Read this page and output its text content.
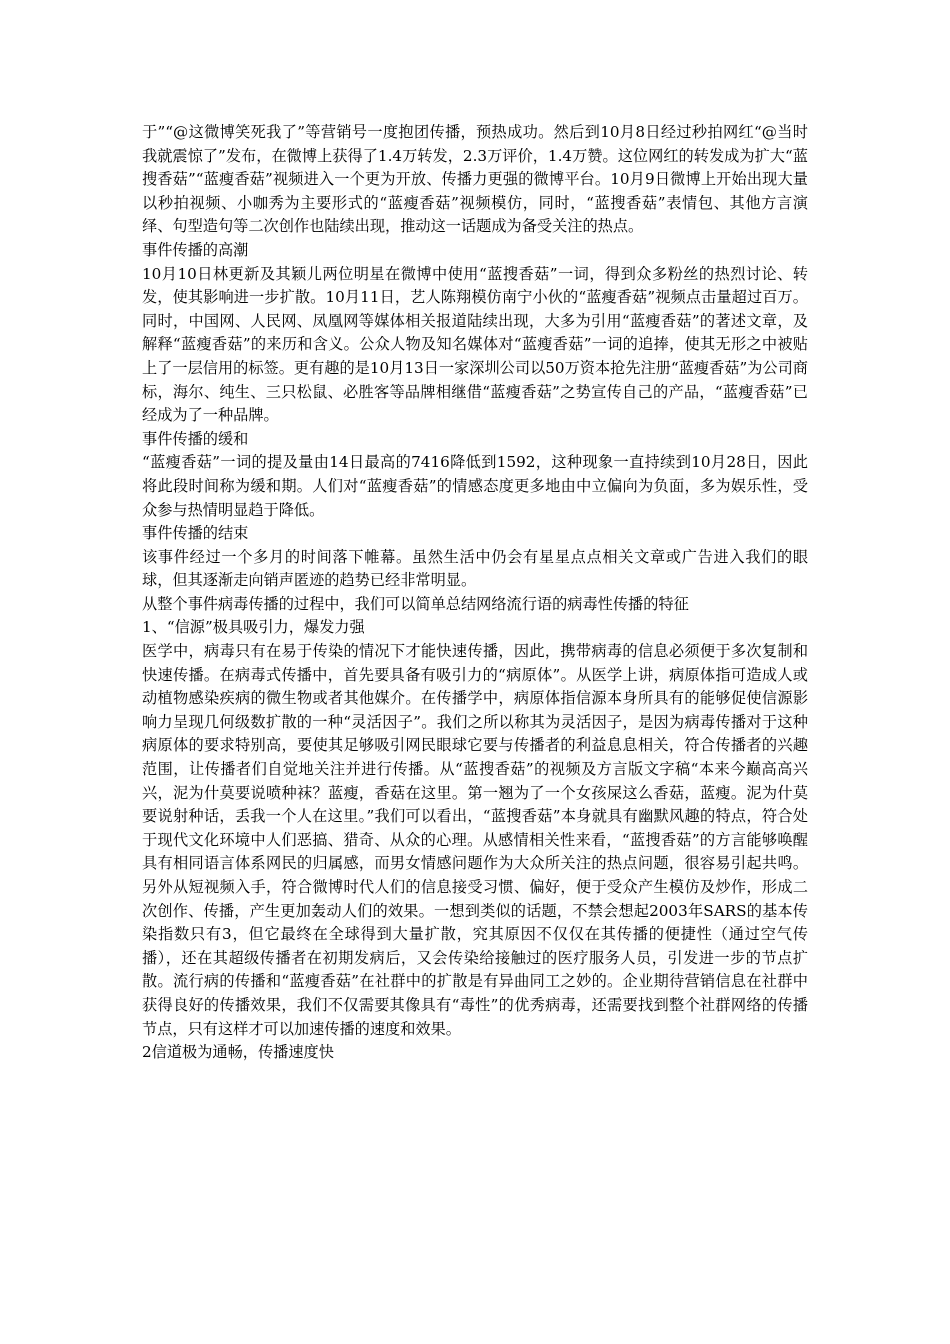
于”“@这微博笑死我了”等营销号一度抱团传播，预热成功。然后到10月8日经过秒拍网红“@当时我就震惊了”发布，在微博上获得了1.4万转发，2.3万评价，1.4万赞。这位网红的转发成为扩大“蓝搜香菇”“蓝瘦香菇”视频进入一个更为开放、传播力更强的微博平台。10月9日微博上开始出现大量以秒拍视频、小咖秀为主要形式的“蓝瘦香菇”视频模仿，同时，“蓝搜香菇”表情包、其他方言演绎、句型造句等二次创作也陆续出现，推动这一话题成为备受关注的热点。

事件传播的高潮

10月10日林更新及其颖儿两位明星在微博中使用“蓝搜香菇”一词，得到众多粉丝的热烈讨论、转发，使其影响进一步扩散。10月11日，艺人陈翔模仿南宁小伙的“蓝瘦香菇”视频点击量超过百万。同时，中国网、人民网、凤凰网等媒体相关报道陆续出现，大多为引用“蓝瘦香菇”的著述文章，及解释“蓝瘦香菇”的来历和含义。公众人物及知名媒体对“蓝瘦香菇”一词的追捧，使其无形之中被贴上了一层信用的标签。更有趣的是10月13日一家深圳公司以50万资本抢先注册“蓝瘦香菇”为公司商标，海尔、纯生、三只松鼠、必胜客等品牌相继借“蓝瘦香菇”之势宣传自己的产品，“蓝瘦香菇”已经成为了一种品牌。

事件传播的缓和

“蓝瘦香菇”一词的提及量由14日最高的7416降低到1592，这种现象一直持续到10月28日，因此将此段时间称为缓和期。人们对“蓝瘦香菇”的情感态度更多地由中立偏向为负面，多为娱乐性，受众参与热情明显趋于降低。

事件传播的结束

该事件经过一个多月的时间落下帷幕。虽然生活中仍会有星星点点相关文章或广告进入我们的眼球，但其逐渐走向销声匿迹的趋势已经非常明显。

从整个事件病毒传播的过程中，我们可以简单总结网络流行语的病毒性传播的特征

1、“信源”极具吸引力，爆发力强

医学中，病毒只有在易于传染的情况下才能快速传播，因此，携带病毒的信息必须便于多次复制和快速传播。在病毒式传播中，首先要具备有吸引力的“病原体”。从医学上讲，病原体指可造成人或动植物感染疾病的微生物或者其他媒介。在传播学中，病原体指信源本身所具有的能够促使信源影响力呈现几何级数扩散的一种“灵活因子”。我们之所以称其为灵活因子，是因为病毒传播对于这种病原体的要求特别高，要使其足够吸引网民眼球它要与传播者的利益息息相关，符合传播者的兴趣范围，让传播者们自觉地关注并进行传播。从“蓝搜香菇”的视频及方言版文字稿“本来今巅高高兴兴，泥为什莫要说喷种袜？蓝瘦，香菇在这里。第一翘为了一个女孩屎这么香菇，蓝瘦。泥为什莫要说射种话，丢我一个人在这里。”我们可以看出，“蓝搜香菇”本身就具有幽默风趣的特点，符合处于现代文化环境中人们恶搞、猎奇、从众的心理。从感情相关性来看，“蓝搜香菇”的方言能够唤醒具有相同语言体系网民的归属感，而男女情感问题作为大众所关注的热点问题，很容易引起共鸣。另外从短视频入手，符合微博时代人们的信息接受习惯、偏好，便于受众产生模仿及炒作，形成二次创作、传播，产生更加轰动人们的效果。一想到类似的话题，不禁会想起2003年SARS的基本传染指数只有3，但它最终在全球得到大量扩散，究其原因不仅仅在其传播的便捷性（通过空气传播），还在其超级传播者在初期发病后，又会传染给接触过的医疗服务人员，引发进一步的节点扩散。流行病的传播和“蓝瘦香菇”在社群中的扩散是有异曲同工之妙的。企业期待营销信息在社群中获得良好的传播效果，我们不仅需要其像具有“毒性”的优秀病毒，还需要找到整个社群网络的传播节点，只有这样才可以加速传播的速度和效果。

2信道极为通畅，传播速度快
